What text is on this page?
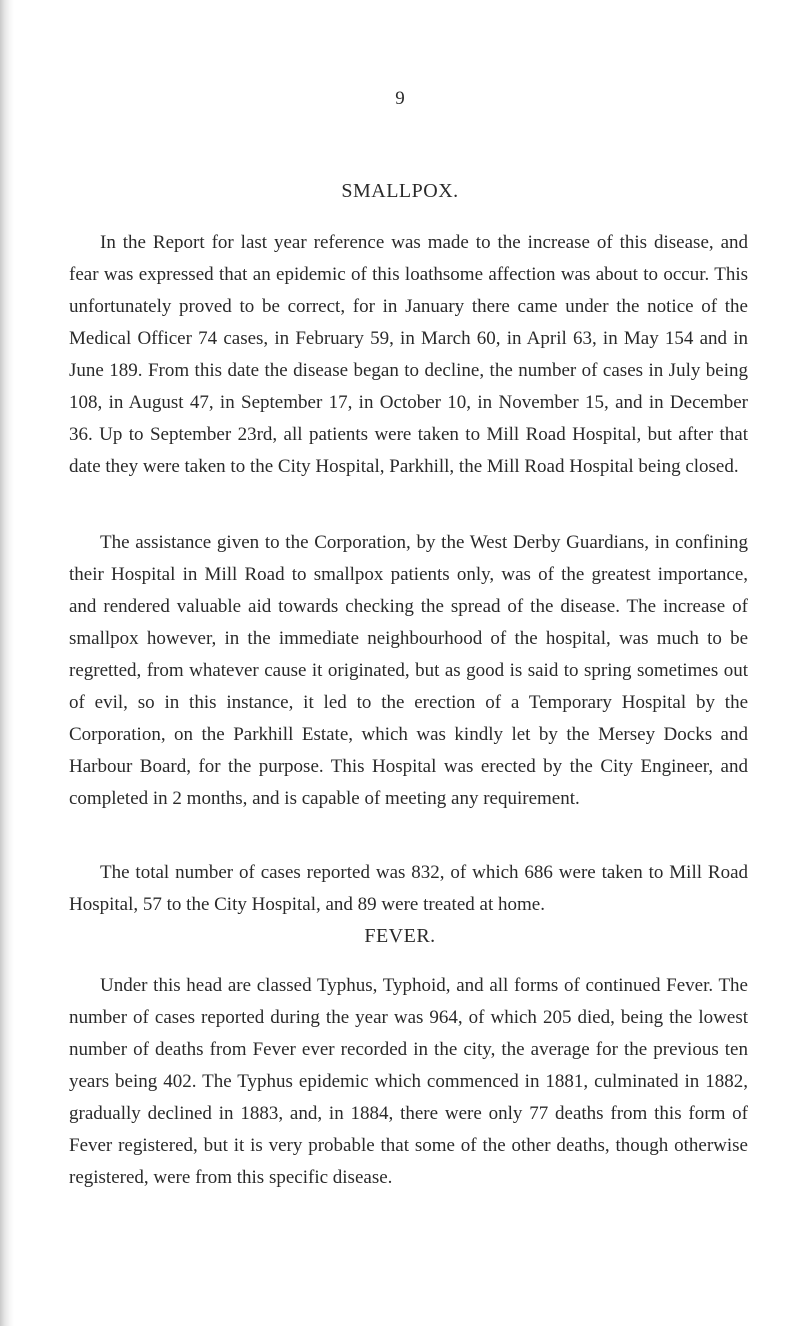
9
SMALLPOX.

In the Report for last year reference was made to the increase of this disease, and fear was expressed that an epidemic of this loathsome affection was about to occur. This unfortunately proved to be correct, for in January there came under the notice of the Medical Officer 74 cases, in February 59, in March 60, in April 63, in May 154 and in June 189. From this date the disease began to decline, the number of cases in July being 108, in August 47, in September 17, in October 10, in November 15, and in December 36. Up to September 23rd, all patients were taken to Mill Road Hospital, but after that date they were taken to the City Hospital, Parkhill, the Mill Road Hospital being closed.

The assistance given to the Corporation, by the West Derby Guardians, in confining their Hospital in Mill Road to smallpox patients only, was of the greatest importance, and rendered valuable aid towards checking the spread of the disease. The increase of smallpox however, in the immediate neighbourhood of the hospital, was much to be regretted, from whatever cause it originated, but as good is said to spring sometimes out of evil, so in this instance, it led to the erection of a Temporary Hospital by the Corporation, on the Parkhill Estate, which was kindly let by the Mersey Docks and Harbour Board, for the purpose. This Hospital was erected by the City Engineer, and completed in 2 months, and is capable of meeting any requirement.

The total number of cases reported was 832, of which 686 were taken to Mill Road Hospital, 57 to the City Hospital, and 89 were treated at home.

FEVER.

Under this head are classed Typhus, Typhoid, and all forms of continued Fever. The number of cases reported during the year was 964, of which 205 died, being the lowest number of deaths from Fever ever recorded in the city, the average for the previous ten years being 402. The Typhus epidemic which commenced in 1881, culminated in 1882, gradually declined in 1883, and, in 1884, there were only 77 deaths from this form of Fever registered, but it is very probable that some of the other deaths, though otherwise registered, were from this specific disease.
